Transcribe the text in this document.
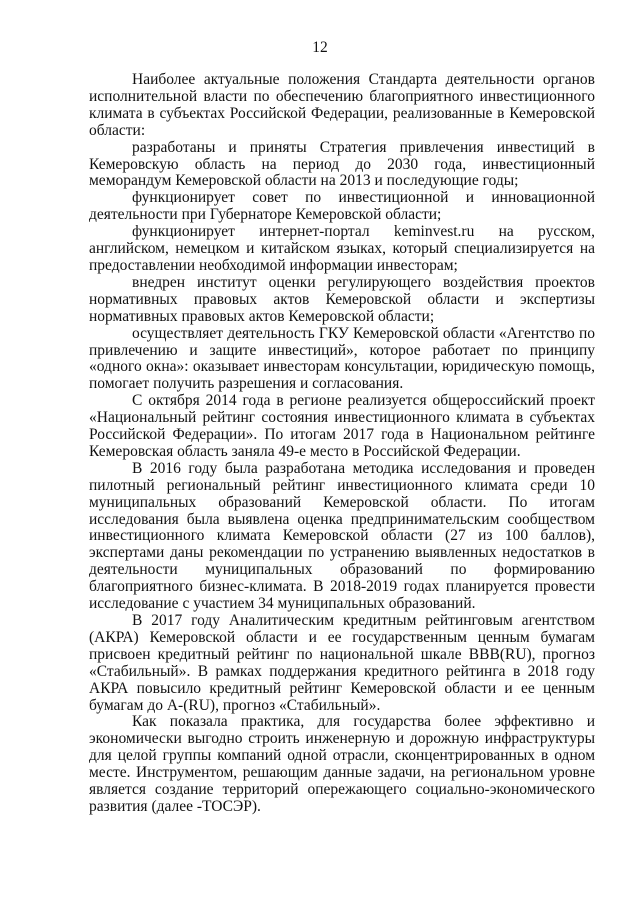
12

Наиболее актуальные положения Стандарта деятельности органов исполнительной власти по обеспечению благоприятного инвестиционного климата в субъектах Российской Федерации, реализованные в Кемеровской области:

разработаны и приняты Стратегия привлечения инвестиций в Кемеровскую область на период до 2030 года, инвестиционный меморандум Кемеровской области на 2013 и последующие годы;

функционирует совет по инвестиционной и инновационной деятельности при Губернаторе Кемеровской области;

функционирует интернет-портал keminvest.ru на русском, английском, немецком и китайском языках, который специализируется на предоставлении необходимой информации инвесторам;

внедрен институт оценки регулирующего воздействия проектов нормативных правовых актов Кемеровской области и экспертизы нормативных правовых актов Кемеровской области;

осуществляет деятельность ГКУ Кемеровской области «Агентство по привлечению и защите инвестиций», которое работает по принципу «одного окна»: оказывает инвесторам консультации, юридическую помощь, помогает получить разрешения и согласования.

С октября 2014 года в регионе реализуется общероссийский проект «Национальный рейтинг состояния инвестиционного климата в субъектах Российской Федерации». По итогам 2017 года в Национальном рейтинге Кемеровская область заняла 49-е место в Российской Федерации.

В 2016 году была разработана методика исследования и проведен пилотный региональный рейтинг инвестиционного климата среди 10 муниципальных образований Кемеровской области. По итогам исследования была выявлена оценка предпринимательским сообществом инвестиционного климата Кемеровской области (27 из 100 баллов), экспертами даны рекомендации по устранению выявленных недостатков в деятельности муниципальных образований по формированию благоприятного бизнес-климата. В 2018-2019 годах планируется провести исследование с участием 34 муниципальных образований.

В 2017 году Аналитическим кредитным рейтинговым агентством (АКРА) Кемеровской области и ее государственным ценным бумагам присвоен кредитный рейтинг по национальной шкале BBB(RU), прогноз «Стабильный». В рамках поддержания кредитного рейтинга в 2018 году АКРА повысило кредитный рейтинг Кемеровской области и ее ценным бумагам до A-(RU), прогноз «Стабильный».

Как показала практика, для государства более эффективно и экономически выгодно строить инженерную и дорожную инфраструктуры для целой группы компаний одной отрасли, сконцентрированных в одном месте. Инструментом, решающим данные задачи, на региональном уровне является создание территорий опережающего социально-экономического развития (далее -ТОСЭР).
